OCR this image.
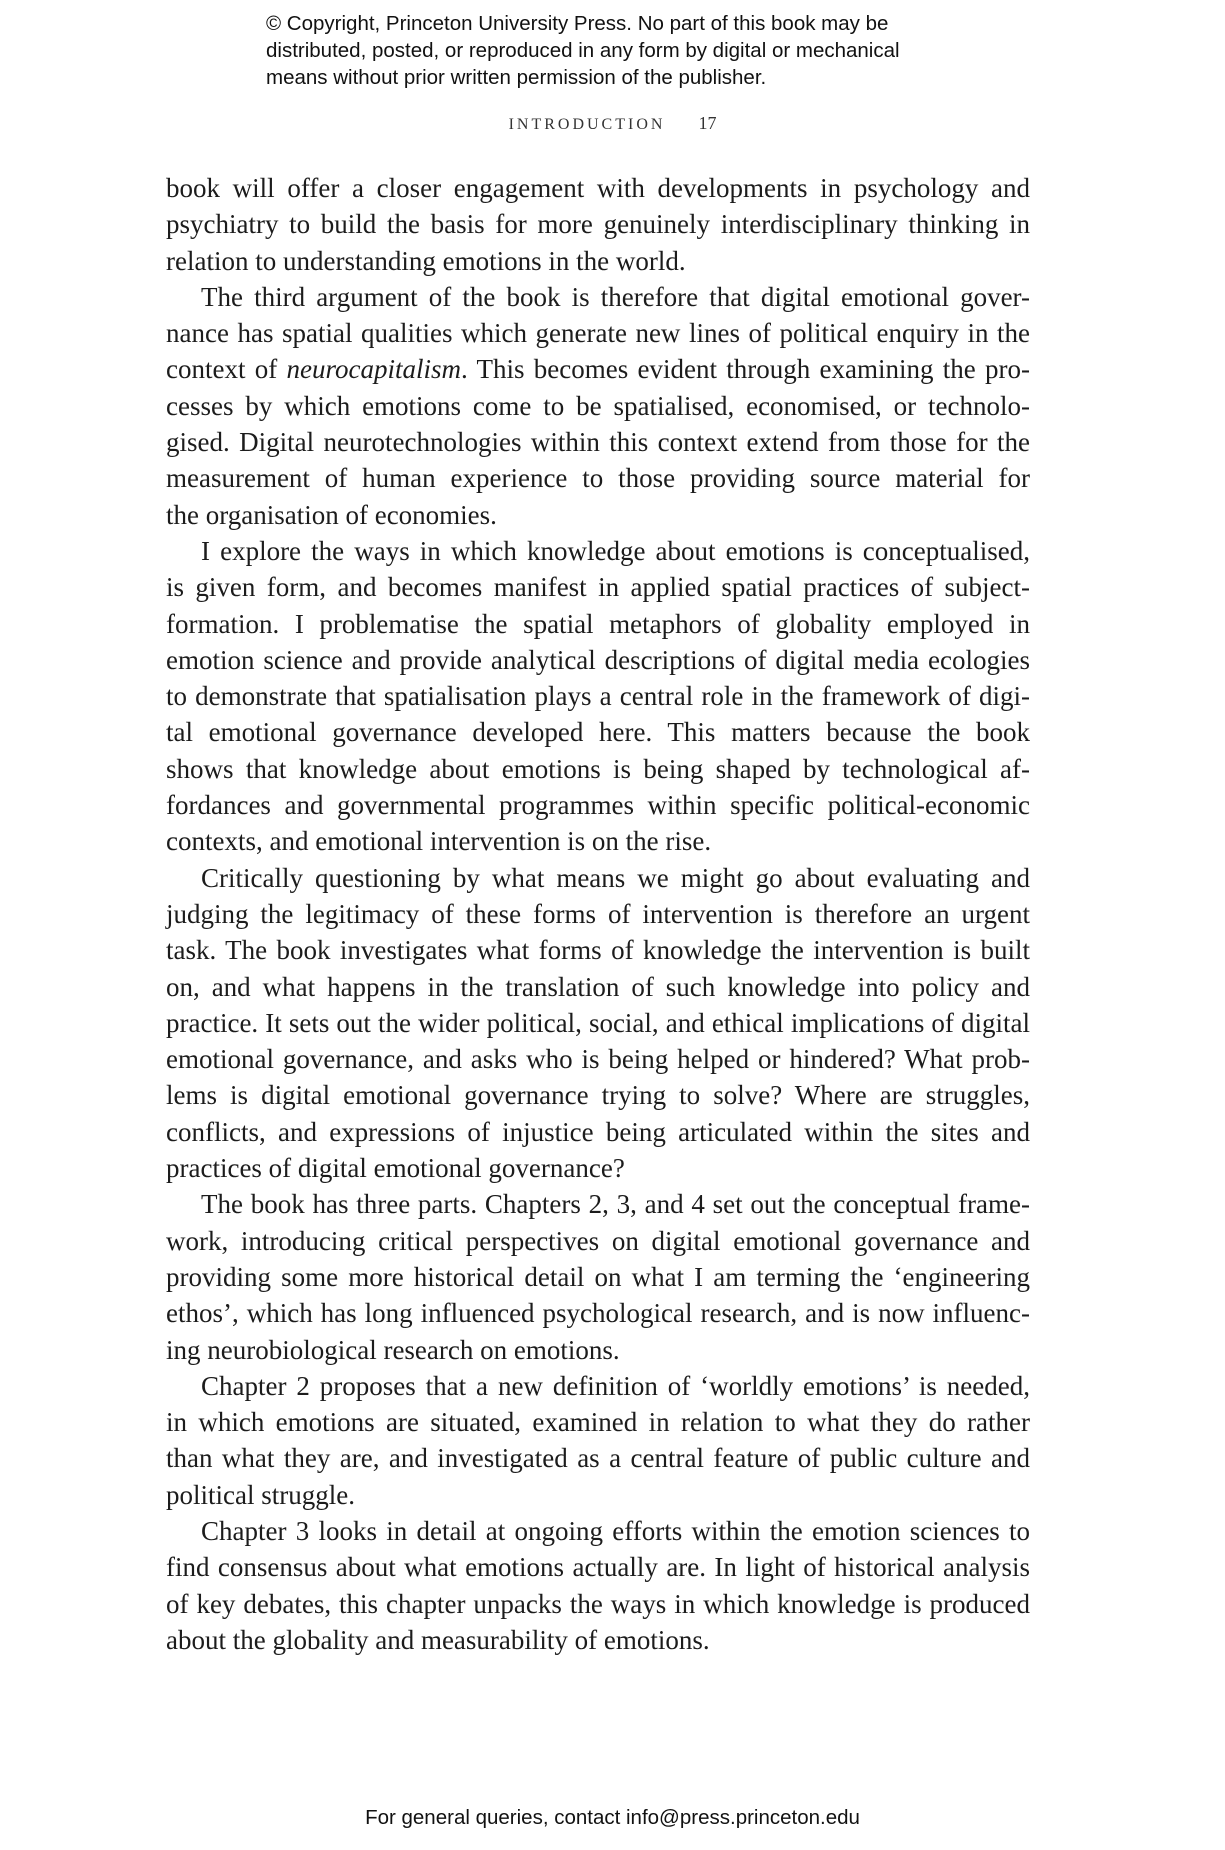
© Copyright, Princeton University Press. No part of this book may be
distributed, posted, or reproduced in any form by digital or mechanical
means without prior written permission of the publisher.
INTRODUCTION 17
book will offer a closer engagement with developments in psychology and
psychiatry to build the basis for more genuinely interdisciplinary thinking in
relation to understanding emotions in the world.
The third argument of the book is therefore that digital emotional gover-
nance has spatial qualities which generate new lines of political enquiry in the
context of neurocapitalism. This becomes evident through examining the pro-
cesses by which emotions come to be spatialised, economised, or technolo-
gised. Digital neurotechnologies within this context extend from those for the
measurement of human experience to those providing source material for
the organisation of economies.
I explore the ways in which knowledge about emotions is conceptualised,
is given form, and becomes manifest in applied spatial practices of subject-
formation. I problematise the spatial metaphors of globality employed in
emotion science and provide analytical descriptions of digital media ecologies
to demonstrate that spatialisation plays a central role in the framework of digi-
tal emotional governance developed here. This matters because the book
shows that knowledge about emotions is being shaped by technological af-
fordances and governmental programmes within specific political-economic
contexts, and emotional intervention is on the rise.
Critically questioning by what means we might go about evaluating and
judging the legitimacy of these forms of intervention is therefore an urgent
task. The book investigates what forms of knowledge the intervention is built
on, and what happens in the translation of such knowledge into policy and
practice. It sets out the wider political, social, and ethical implications of digital
emotional governance, and asks who is being helped or hindered? What prob-
lems is digital emotional governance trying to solve? Where are struggles,
conflicts, and expressions of injustice being articulated within the sites and
practices of digital emotional governance?
The book has three parts. Chapters 2, 3, and 4 set out the conceptual frame-
work, introducing critical perspectives on digital emotional governance and
providing some more historical detail on what I am terming the ‘engineering
ethos’, which has long influenced psychological research, and is now influenc-
ing neurobiological research on emotions.
Chapter 2 proposes that a new definition of ‘worldly emotions’ is needed,
in which emotions are situated, examined in relation to what they do rather
than what they are, and investigated as a central feature of public culture and
political struggle.
Chapter 3 looks in detail at ongoing efforts within the emotion sciences to
find consensus about what emotions actually are. In light of historical analysis
of key debates, this chapter unpacks the ways in which knowledge is produced
about the globality and measurability of emotions.
For general queries, contact info@press.princeton.edu
